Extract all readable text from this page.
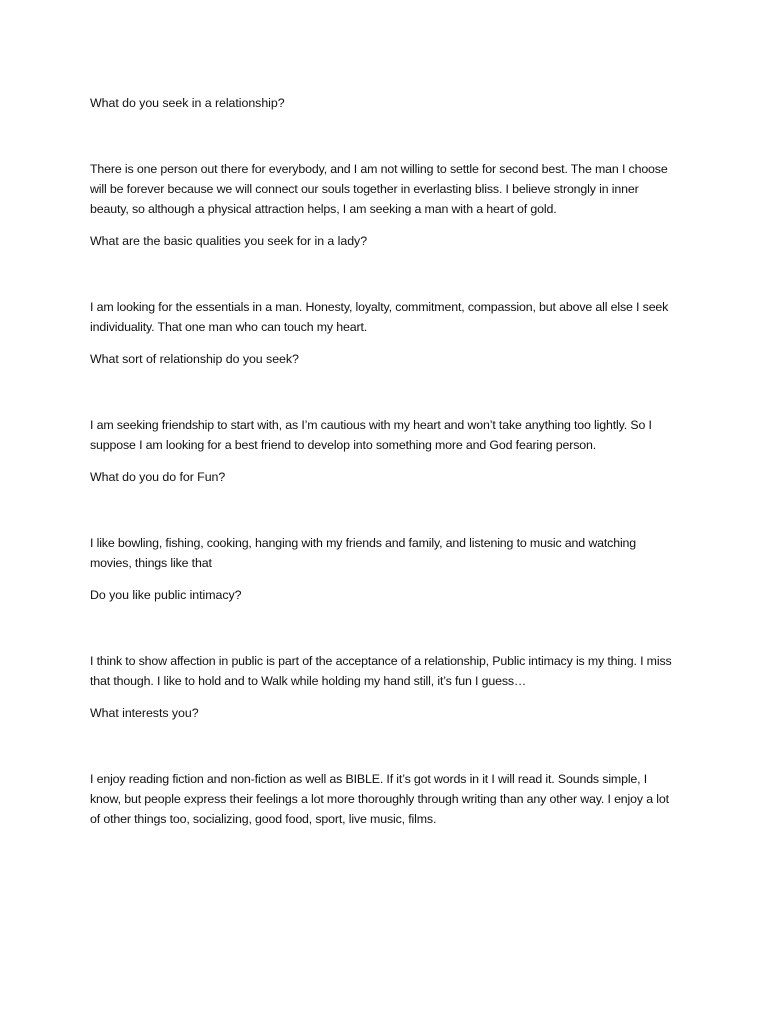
What do you seek in a relationship?

There is one person out there for everybody, and I am not willing to settle for second best. The man I choose will be forever because we will connect our souls together in everlasting bliss. I believe strongly in inner beauty, so although a physical attraction helps, I am seeking a man with a heart of gold.

What are the basic qualities you seek for in a lady?

I am looking for the essentials in a man. Honesty, loyalty, commitment, compassion, but above all else I seek individuality. That one man who can touch my heart.

What sort of relationship do you seek?

I am seeking friendship to start with, as I’m cautious with my heart and won’t take anything too lightly. So I suppose I am looking for a best friend to develop into something more and God fearing person.

What do you do for Fun?

I like bowling, fishing, cooking, hanging with my friends and family, and listening to music and watching movies, things like that

Do you like public intimacy?

I think to show affection in public is part of the acceptance of a relationship, Public intimacy is my thing. I miss that though. I like to hold and to Walk while holding my hand still, it’s fun I guess…

What interests you?

I enjoy reading fiction and non-fiction as well as BIBLE. If it’s got words in it I will read it. Sounds simple, I know, but people express their feelings a lot more thoroughly through writing than any other way. I enjoy a lot of other things too, socializing, good food, sport, live music, films.
